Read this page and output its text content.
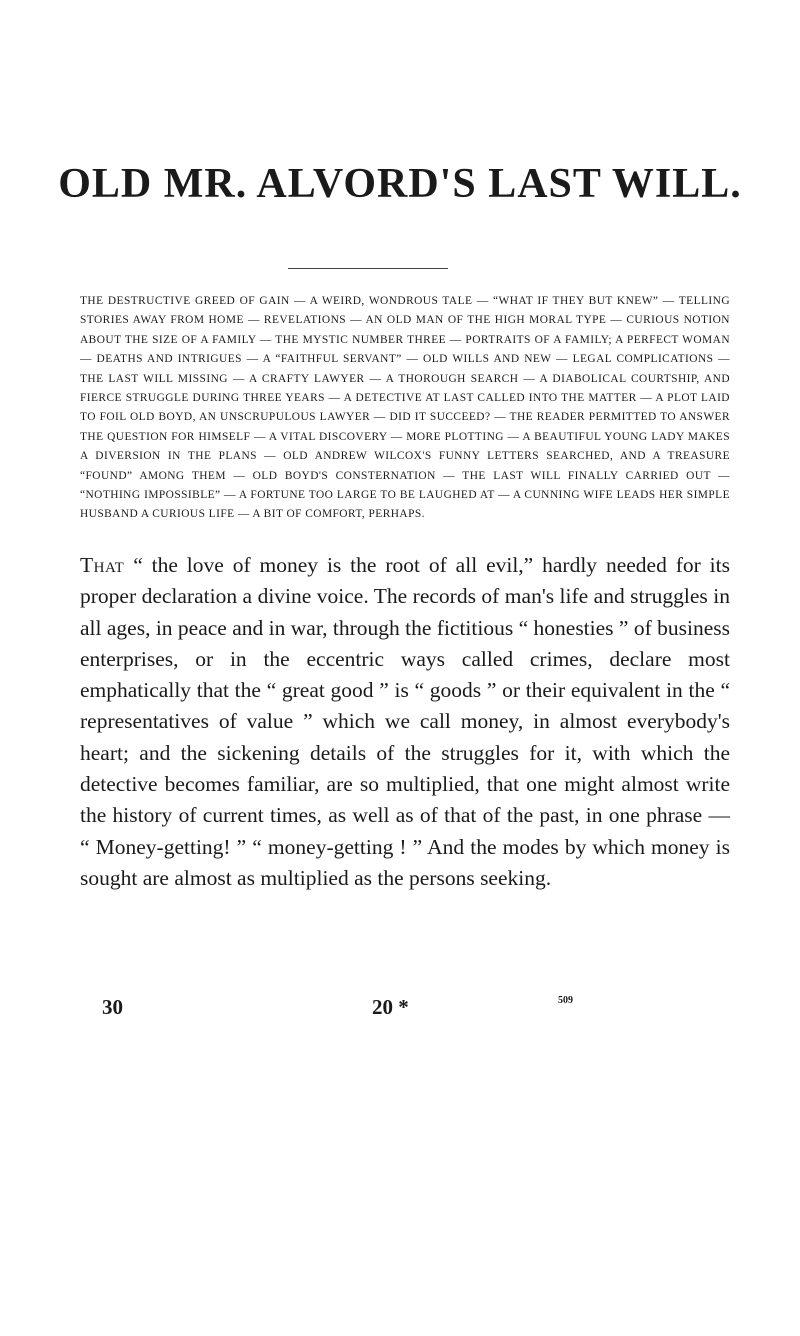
OLD MR. ALVORD'S LAST WILL.

THE DESTRUCTIVE GREED OF GAIN — A WEIRD, WONDROUS TALE — “WHAT IF THEY BUT KNEW” — TELLING STORIES AWAY FROM HOME — REVELATIONS — AN OLD MAN OF THE HIGH MORAL TYPE — CURIOUS NOTION ABOUT THE SIZE OF A FAMILY — THE MYSTIC NUMBER THREE — PORTRAITS OF A FAMILY; A PERFECT WOMAN — DEATHS AND INTRIGUES — A “FAITHFUL SERVANT” — OLD WILLS AND NEW — LEGAL COMPLICATIONS — THE LAST WILL MISSING — A CRAFTY LAWYER — A THOROUGH SEARCH — A DIABOLICAL COURTSHIP, AND FIERCE STRUGGLE DURING THREE YEARS — A DETECTIVE AT LAST CALLED INTO THE MATTER — A PLOT LAID TO FOIL OLD BOYD, AN UNSCRUPULOUS LAWYER — DID IT SUCCEED? — THE READER PERMITTED TO ANSWER THE QUESTION FOR HIMSELF — A VITAL DISCOVERY — MORE PLOTTING — A BEAUTIFUL YOUNG LADY MAKES A DIVERSION IN THE PLANS — OLD ANDREW WILCOX'S FUNNY LETTERS SEARCHED, AND A TREASURE “FOUND” AMONG THEM — OLD BOYD'S CONSTERNATION — THE LAST WILL FINALLY CARRIED OUT — “NOTHING IMPOSSIBLE” — A FORTUNE TOO LARGE TO BE LAUGHED AT — A CUNNING WIFE LEADS HER SIMPLE HUSBAND A CURIOUS LIFE — A BIT OF COMFORT, PERHAPS.

That “ the love of money is the root of all evil,” hardly needed for its proper declaration a divine voice. The records of man's life and struggles in all ages, in peace and in war, through the fictitious “ honesties ” of business enterprises, or in the eccentric ways called crimes, declare most emphatically that the “ great good ” is “ goods ” or their equivalent in the “ representatives of value ” which we call money, in almost everybody's heart; and the sickening details of the struggles for it, with which the detective becomes familiar, are so multiplied, that one might almost write the history of current times, as well as of that of the past, in one phrase — “ Money-getting! ” “ money-getting ! ” And the modes by which money is sought are almost as multiplied as the persons seeking.

30	20 *	509
